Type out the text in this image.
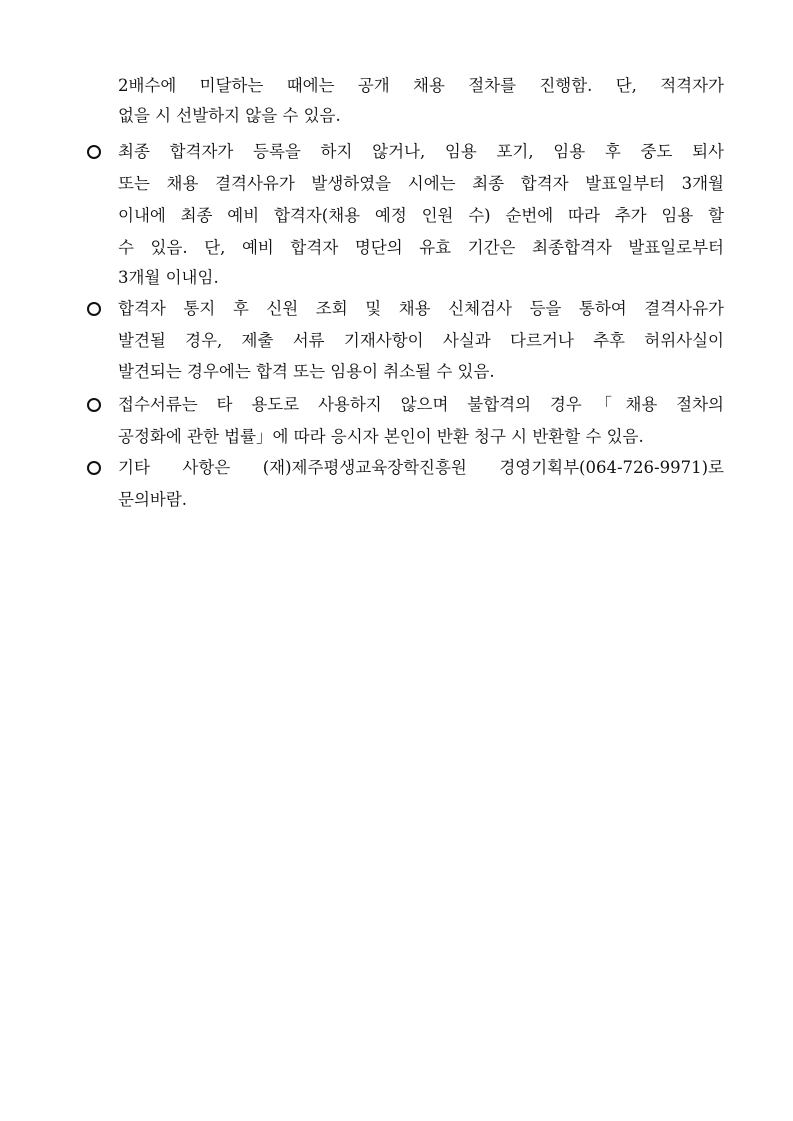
2배수에 미달하는 때에는 공개 채용 절차를 진행함. 단, 적격자가
없을 시 선발하지 않을 수 있음.
최종 합격자가 등록을 하지 않거나, 임용 포기, 임용 후 중도 퇴사
또는 채용 결격사유가 발생하였을 시에는 최종 합격자 발표일부터 3개월
이내에 최종 예비 합격자(채용 예정 인원 수) 순번에 따라 추가 임용 할
수 있음. 단, 예비 합격자 명단의 유효 기간은 최종합격자 발표일로부터
3개월 이내임.
합격자 통지 후 신원 조회 및 채용 신체검사 등을 통하여 결격사유가
발견될 경우, 제출 서류 기재사항이 사실과 다르거나 추후 허위사실이
발견되는 경우에는 합격 또는 임용이 취소될 수 있음.
접수서류는 타 용도로 사용하지 않으며 불합격의 경우「채용 절차의
공정화에 관한 법률」에 따라 응시자 본인이 반환 청구 시 반환할 수 있음.
기타 사항은 (재)제주평생교육장학진흥원 경영기획부(064-726-9971)로
문의바람.
